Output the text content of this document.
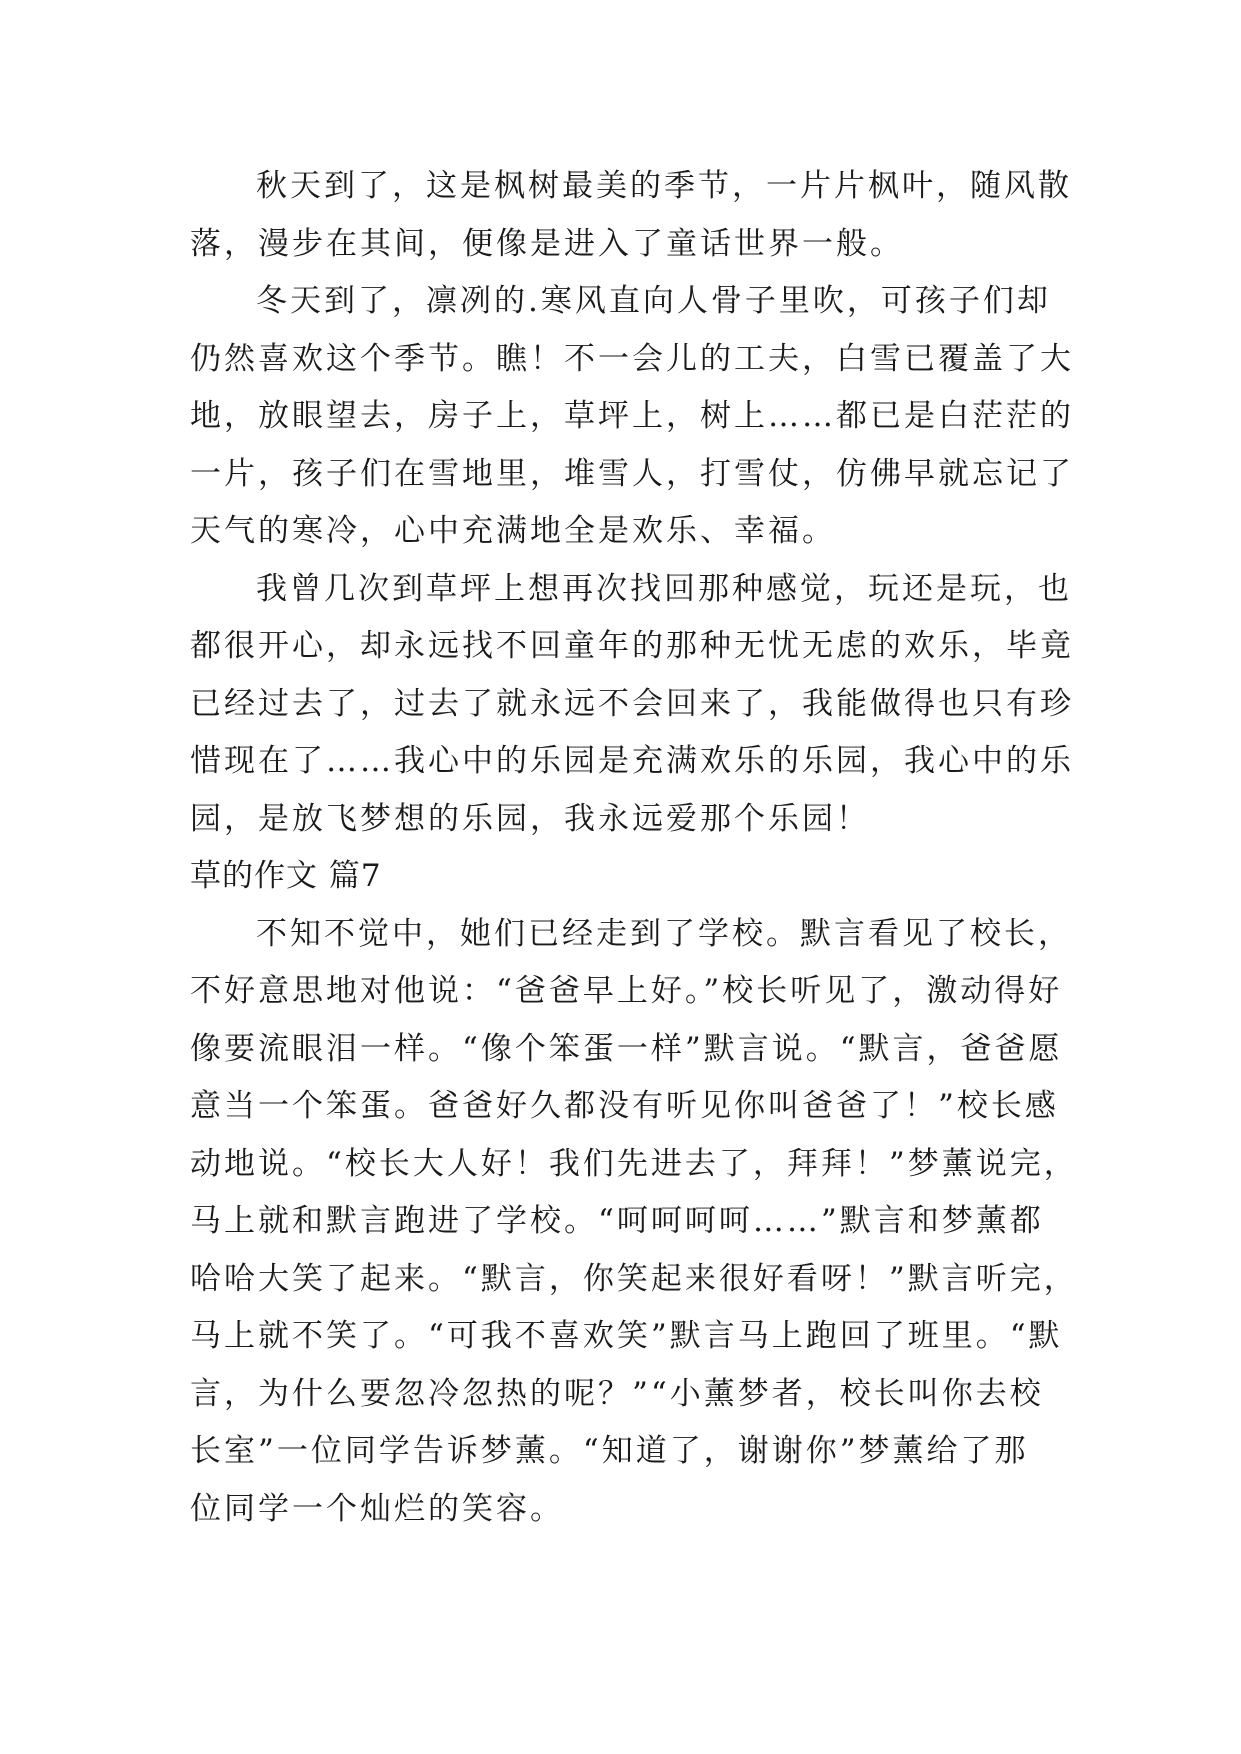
秋天到了，这是枫树最美的季节，一片片枫叶，随风散
落，漫步在其间，便像是进入了童话世界一般。
冬天到了，凛冽的.寒风直向人骨子里吹，可孩子们却
仍然喜欢这个季节。瞧！不一会儿的工夫，白雪已覆盖了大
地，放眼望去，房子上，草坪上，树上……都已是白茫茫的
一片，孩子们在雪地里，堆雪人，打雪仗，仿佛早就忘记了
天气的寒冷，心中充满地全是欢乐、幸福。
我曾几次到草坪上想再次找回那种感觉，玩还是玩，也
都很开心，却永远找不回童年的那种无忧无虑的欢乐，毕竟
已经过去了，过去了就永远不会回来了，我能做得也只有珍
惜现在了……我心中的乐园是充满欢乐的乐园，我心中的乐
园，是放飞梦想的乐园，我永远爱那个乐园！
草的作文 篇7
不知不觉中，她们已经走到了学校。默言看见了校长，
不好意思地对他说：“爸爸早上好。”校长听见了，激动得好
像要流眼泪一样。“像个笨蛋一样”默言说。“默言，爸爸愿
意当一个笨蛋。爸爸好久都没有听见你叫爸爸了！”校长感
动地说。“校长大人好！我们先进去了，拜拜！”梦薰说完，
马上就和默言跑进了学校。“呵呵呵呵……”默言和梦薰都
哈哈大笑了起来。“默言，你笑起来很好看呀！”默言听完，
马上就不笑了。“可我不喜欢笑”默言马上跑回了班里。“默
言，为什么要忽冷忽热的呢？”“小薰梦者，校长叫你去校
长室”一位同学告诉梦薰。“知道了，谢谢你”梦薰给了那
位同学一个灿烂的笑容。
